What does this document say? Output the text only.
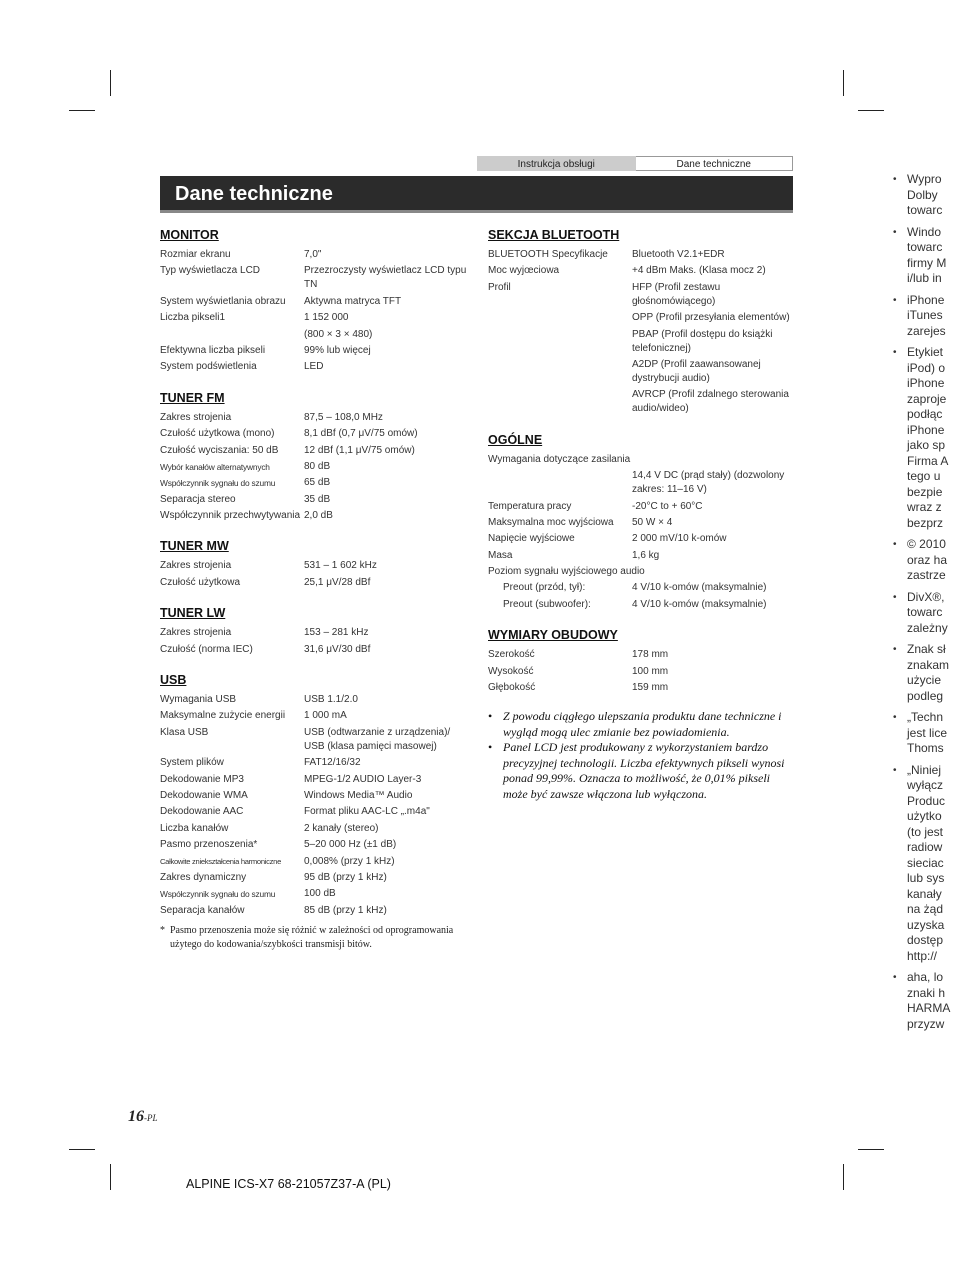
Instrukcja obsługi	Dane techniczne
Dane techniczne
MONITOR
Rozmiar ekranu	7,0"
Typ wyświetlacza LCD	Przezroczysty wyświetlacz LCD typu TN
System wyświetlania obrazu	Aktywna matryca TFT
Liczba pikseli1	1 152 000
(800 × 3 × 480)
Efektywna liczba pikseli	99% lub więcej
System podświetlenia	LED
TUNER FM
Zakres strojenia	87,5 – 108,0 MHz
Czułość użytkowa (mono)	8,1 dBf (0,7 μV/75 omów)
Czułość wyciszania: 50 dB	12 dBf (1,1 μV/75 omów)
Wybór kanałów alternatywnych	80 dB
Współczynnik sygnału do szumu	65 dB
Separacja stereo	35 dB
Współczynnik przechwytywania 2,0 dB
TUNER MW
Zakres strojenia	531 – 1 602 kHz
Czułość użytkowa	25,1 μV/28 dBf
TUNER LW
Zakres strojenia	153 – 281 kHz
Czułość (norma IEC)	31,6 μV/30 dBf
USB
Wymagania USB	USB 1.1/2.0
Maksymalne zużycie energii	1 000 mA
Klasa USB	USB (odtwarzanie z urządzenia)/ USB (klasa pamięci masowej)
System plików	FAT12/16/32
Dekodowanie MP3	MPEG-1/2 AUDIO Layer-3
Dekodowanie WMA	Windows Media™ Audio
Dekodowanie AAC	Format pliku AAC-LC „.m4a"
Liczba kanałów	2 kanały (stereo)
Pasmo przenoszenia*	5–20 000 Hz (±1 dB)
Całkowite zniekształcenia harmoniczne	0,008% (przy 1 kHz)
Zakres dynamiczny	95 dB (przy 1 kHz)
Współczynnik sygnału do szumu	100 dB
Separacja kanałów	85 dB (przy 1 kHz)
* Pasmo przenoszenia może się różnić w zależności od oprogramowania użytego do kodowania/szybkości transmisji bitów.
SEKCJA BLUETOOTH
BLUETOOTH Specyfikacje	Bluetooth V2.1+EDR
Moc wyjœciowa	+4 dBm Maks. (Klasa mocz 2)
Profil	HFP (Profil zestawu głośnomówiącego)
OPP (Profil przesyłania elementów)
PBAP (Profil dostępu do książki telefonicznej)
A2DP (Profil zaawansowanej dystrybucji audio)
AVRCP (Profil zdalnego sterowania audio/wideo)
OGÓLNE
Wymagania dotyczące zasilania
14,4 V DC (prąd stały) (dozwolony zakres: 11–16 V)
Temperatura pracy	-20°C to + 60°C
Maksymalna moc wyjściowa	50 W × 4
Napięcie wyjściowe	2 000 mV/10 k-omów
Masa	1,6 kg
Poziom sygnału wyjściowego audio
Preout (przód, tył):	4 V/10 k-omów (maksymalnie)
Preout (subwoofer):	4 V/10 k-omów (maksymalnie)
WYMIARY OBUDOWY
Szerokość	178 mm
Wysokość	100 mm
Głębokość	159 mm
• Z powodu ciągłego ulepszania produktu dane techniczne i wygląd mogą ulec zmianie bez powiadomienia.
• Panel LCD jest produkowany z wykorzystaniem bardzo precyzyjnej technologii. Liczba efektywnych pikseli wynosi ponad 99,99%. Oznacza to możliwość, że 0,01% pikseli może być zawsze włączona lub wyłączona.
16-PL
ALPINE ICS-X7 68-21057Z37-A (PL)
• Wypro
Dolby
towarc
• Windo
towarc
firmy M
i/lub in
• iPhone
iTunes
zarejes
• Etykiet
iPod) o
iPhone
zaproje
podłąc
iPhone
jako sp
Firma A
tego u
bezpie
wraz z
bezprz
• © 2010
oraz ha
zastrze
• DivX®,
towarc
zależny
• Znak sł
znakam
użycie
podleg
• „Techn
jest lice
Thoms
• „Niniej
wyłącz
Produc
użytko
(to jest
radiow
sieciac
lub sys
kanały
na żąd
uzyska
dostęp
http://
• aha, lo
znaki h
HARMA
przyzw
